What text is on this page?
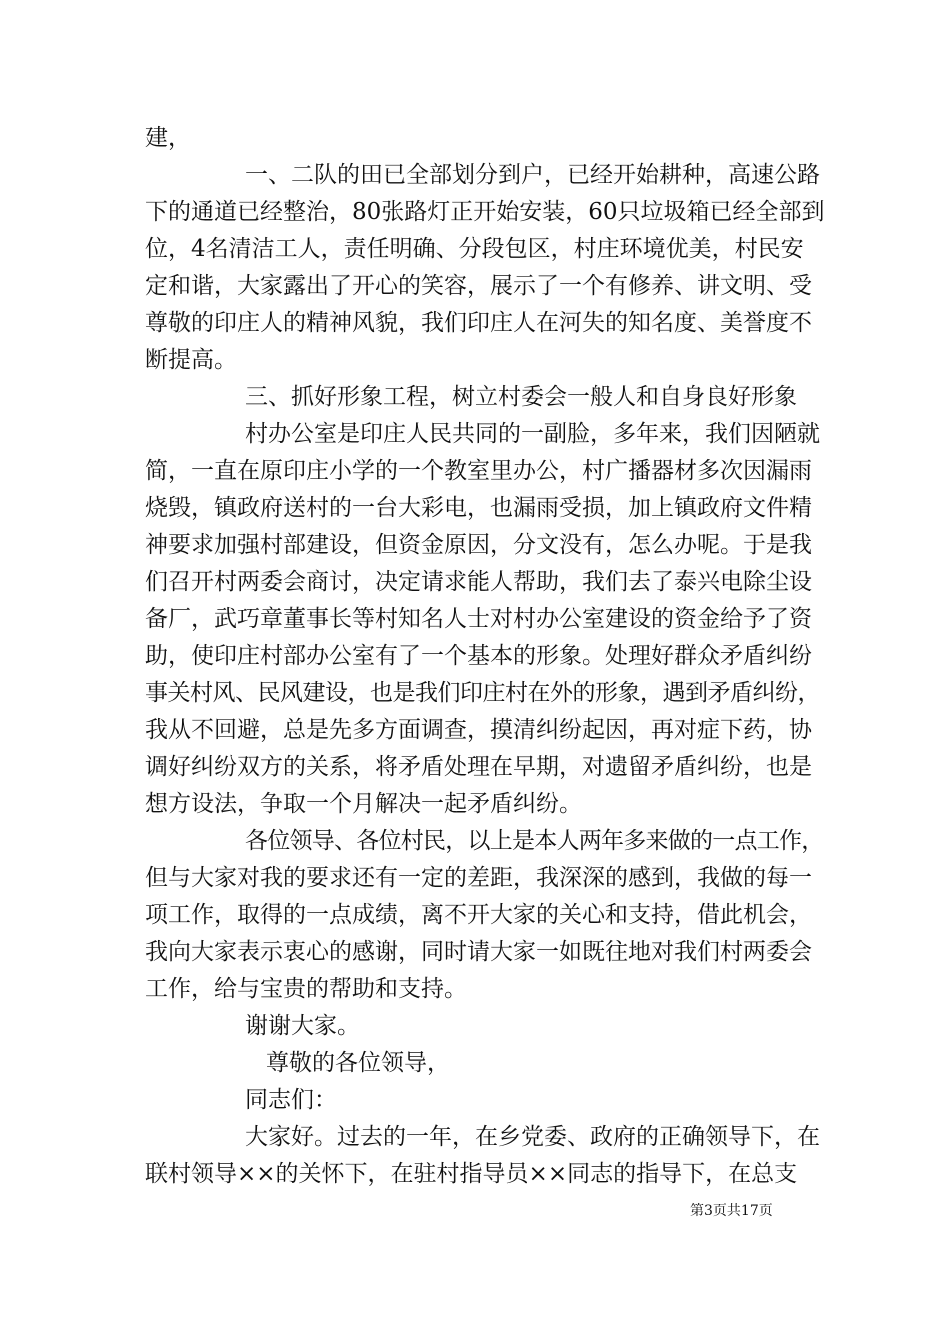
建，
一、二队的田已全部划分到户，已经开始耕种，高速公路
下的通道已经整治，80张路灯正开始安装，60只垃圾箱已经全部到
位，4名清洁工人，责任明确、分段包区，村庄环境优美，村民安
定和谐，大家露出了开心的笑容，展示了一个有修养、讲文明、受
尊敬的印庄人的精神风貌，我们印庄人在河失的知名度、美誉度不
断提高。
三、抓好形象工程，树立村委会一般人和自身良好形象
村办公室是印庄人民共同的一副脸，多年来，我们因陋就
简，一直在原印庄小学的一个教室里办公，村广播器材多次因漏雨
烧毁，镇政府送村的一台大彩电，也漏雨受损，加上镇政府文件精
神要求加强村部建设，但资金原因，分文没有，怎么办呢。于是我
们召开村两委会商讨，决定请求能人帮助，我们去了泰兴电除尘设
备厂，武巧章董事长等村知名人士对村办公室建设的资金给予了资
助，使印庄村部办公室有了一个基本的形象。处理好群众矛盾纠纷
事关村风、民风建设，也是我们印庄村在外的形象，遇到矛盾纠纷，
我从不回避，总是先多方面调查，摸清纠纷起因，再对症下药，协
调好纠纷双方的关系，将矛盾处理在早期，对遗留矛盾纠纷，也是
想方设法，争取一个月解决一起矛盾纠纷。
各位领导、各位村民，以上是本人两年多来做的一点工作，
但与大家对我的要求还有一定的差距，我深深的感到，我做的每一
项工作，取得的一点成绩，离不开大家的关心和支持，借此机会，
我向大家表示衷心的感谢，同时请大家一如既往地对我们村两委会
工作，给与宝贵的帮助和支持。
谢谢大家。
尊敬的各位领导，
同志们：
大家好。过去的一年，在乡党委、政府的正确领导下，在
联村领导××的关怀下，在驻村指导员××同志的指导下，在总支
第3页共17页
